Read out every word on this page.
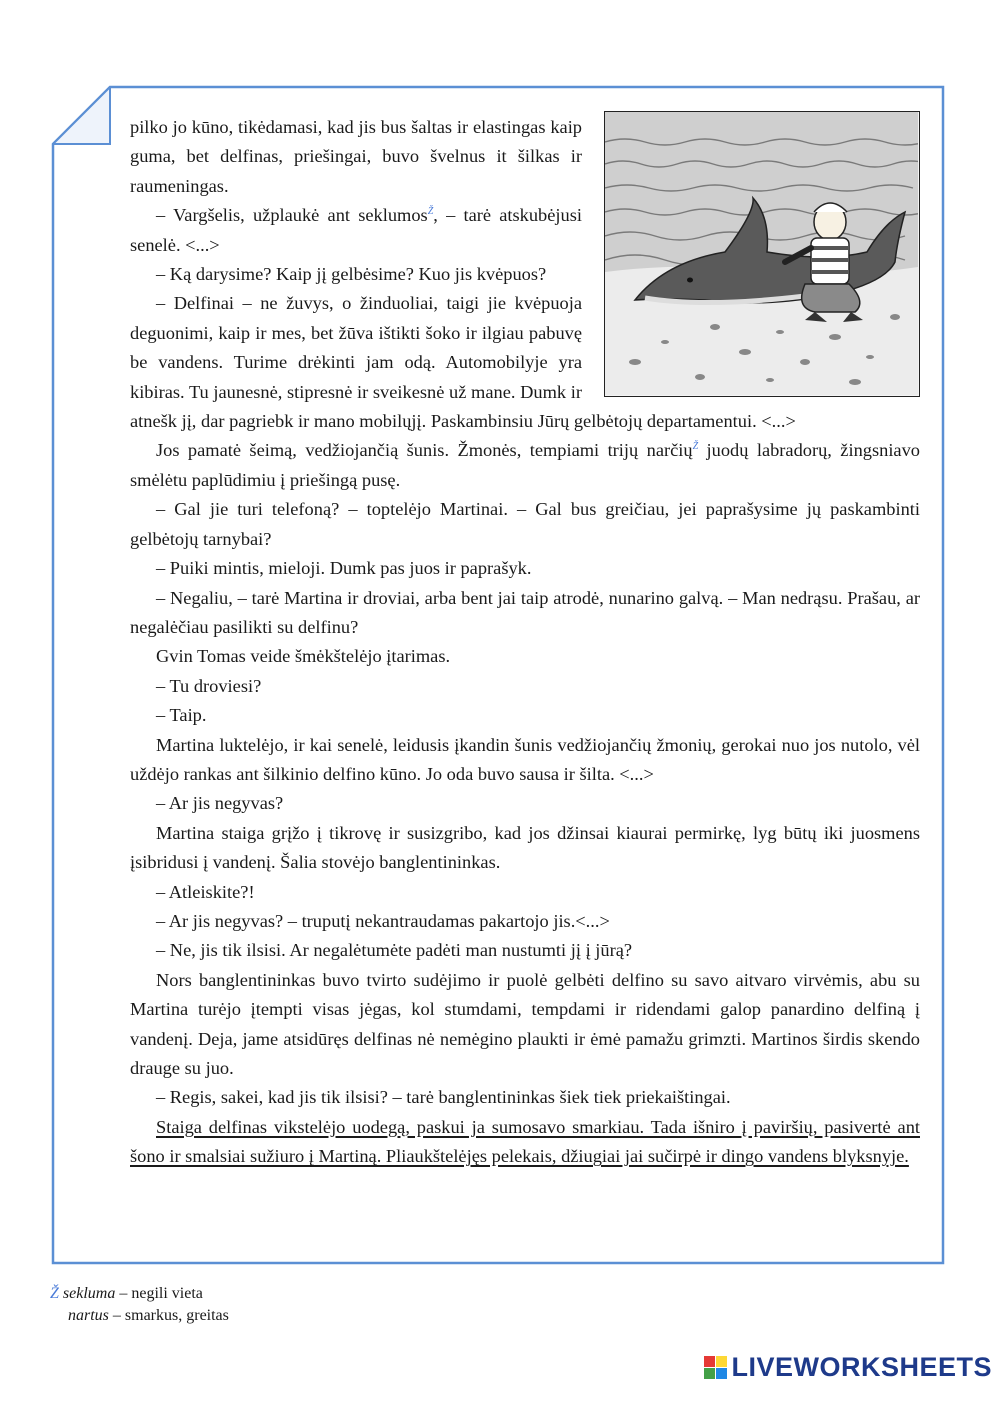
pilko jo kūno, tikėdamasi, kad jis bus šaltas ir elastingas kaip guma, bet delfinas, priešingai, buvo švelnus it šilkas ir raumeningas.

– Vargšelis, užplaukė ant seklumos$^Ž$, – tarė atskubėjusi senelė. <...>

– Ką darysime? Kaip jį gelbėsime? Kuo jis kvėpuos?

– Delfinai – ne žuvys, o žinduoliai, taigi jie kvėpuoja deguonimi, kaip ir mes, bet žūva ištikti šoko ir ilgiau pabuvę be vandens. Turime drėkinti jam odą. Automobilyje yra kibiras. Tu jaunesnė, stipresnė ir sveikesnė už mane. Dumk ir atnešk jį, dar pagriebk ir mano mobilųjį. Paskambinsiu Jūrų gelbėtojų departamentui. <...>

Jos pamatė šeimą, vedžiojančią šunis. Žmonės, tempiami trijų narčių$^Ž$ juodų labradorų, žingsniavo smėlėtu paplūdimiu į priešingą pusę.

– Gal jie turi telefoną? – toptelėjo Martinai. – Gal bus greičiau, jei paprašysime jų paskambinti gelbėtojų tarnybai?

– Puiki mintis, mieloji. Dumk pas juos ir paprašyk.

– Negaliu, – tarė Martina ir droviai, arba bent jai taip atrodė, nunarino galvą. – Man nedrąsu. Prašau, ar negalėčiau pasilikti su delfinu?

Gvin Tomas veide šmėkštelėjo įtarimas.

– Tu droviesi?

– Taip.

Martina luktelėjo, ir kai senelė, leidusis įkandin šunis vedžiojančių žmonių, gerokai nuo jos nutolo, vėl uždėjo rankas ant šilkinio delfino kūno. Jo oda buvo sausa ir šilta. <...>

– Ar jis negyvas?

Martina staiga grįžo į tikrovę ir susizgribo, kad jos džinsai kiaurai permirkę, lyg būtų iki juosmens įsibridusi į vandenį. Šalia stovėjo banglentininkas.

– Atleiskite?!

– Ar jis negyvas? – truputį nekantraudamas pakartojo jis.<...>

– Ne, jis tik ilsisi. Ar negalėtumėte padėti man nustumti jį į jūrą?

Nors banglentininkas buvo tvirto sudėjimo ir puolė gelbėti delfino su savo aitvaro virvėmis, abu su Martina turėjo įtempti visas jėgas, kol stumdami, tempdami ir ridendami galop panardino delfiną į vandenį. Deja, jame atsidūręs delfinas nė nemėgino plaukti ir ėmė pamažu grimzti. Martinos širdis skendo drauge su juo.

– Regis, sakei, kad jis tik ilsisi? – tarė banglentininkas šiek tiek priekaištingai.

Staiga delfinas vikstelėjo uodegą, paskui ja sumosavo smarkiau. Tada išniro į paviršių, pasivertė ant šono ir smalsiai sužiuro į Martiną. Pliaukštelėjęs pelekais, džiugiai jai sučirpė ir dingo vandens blyksnyje.

Ž sekluma – negili vieta
nartus – smarkus, greitas
LIVEWORKSHEETS
